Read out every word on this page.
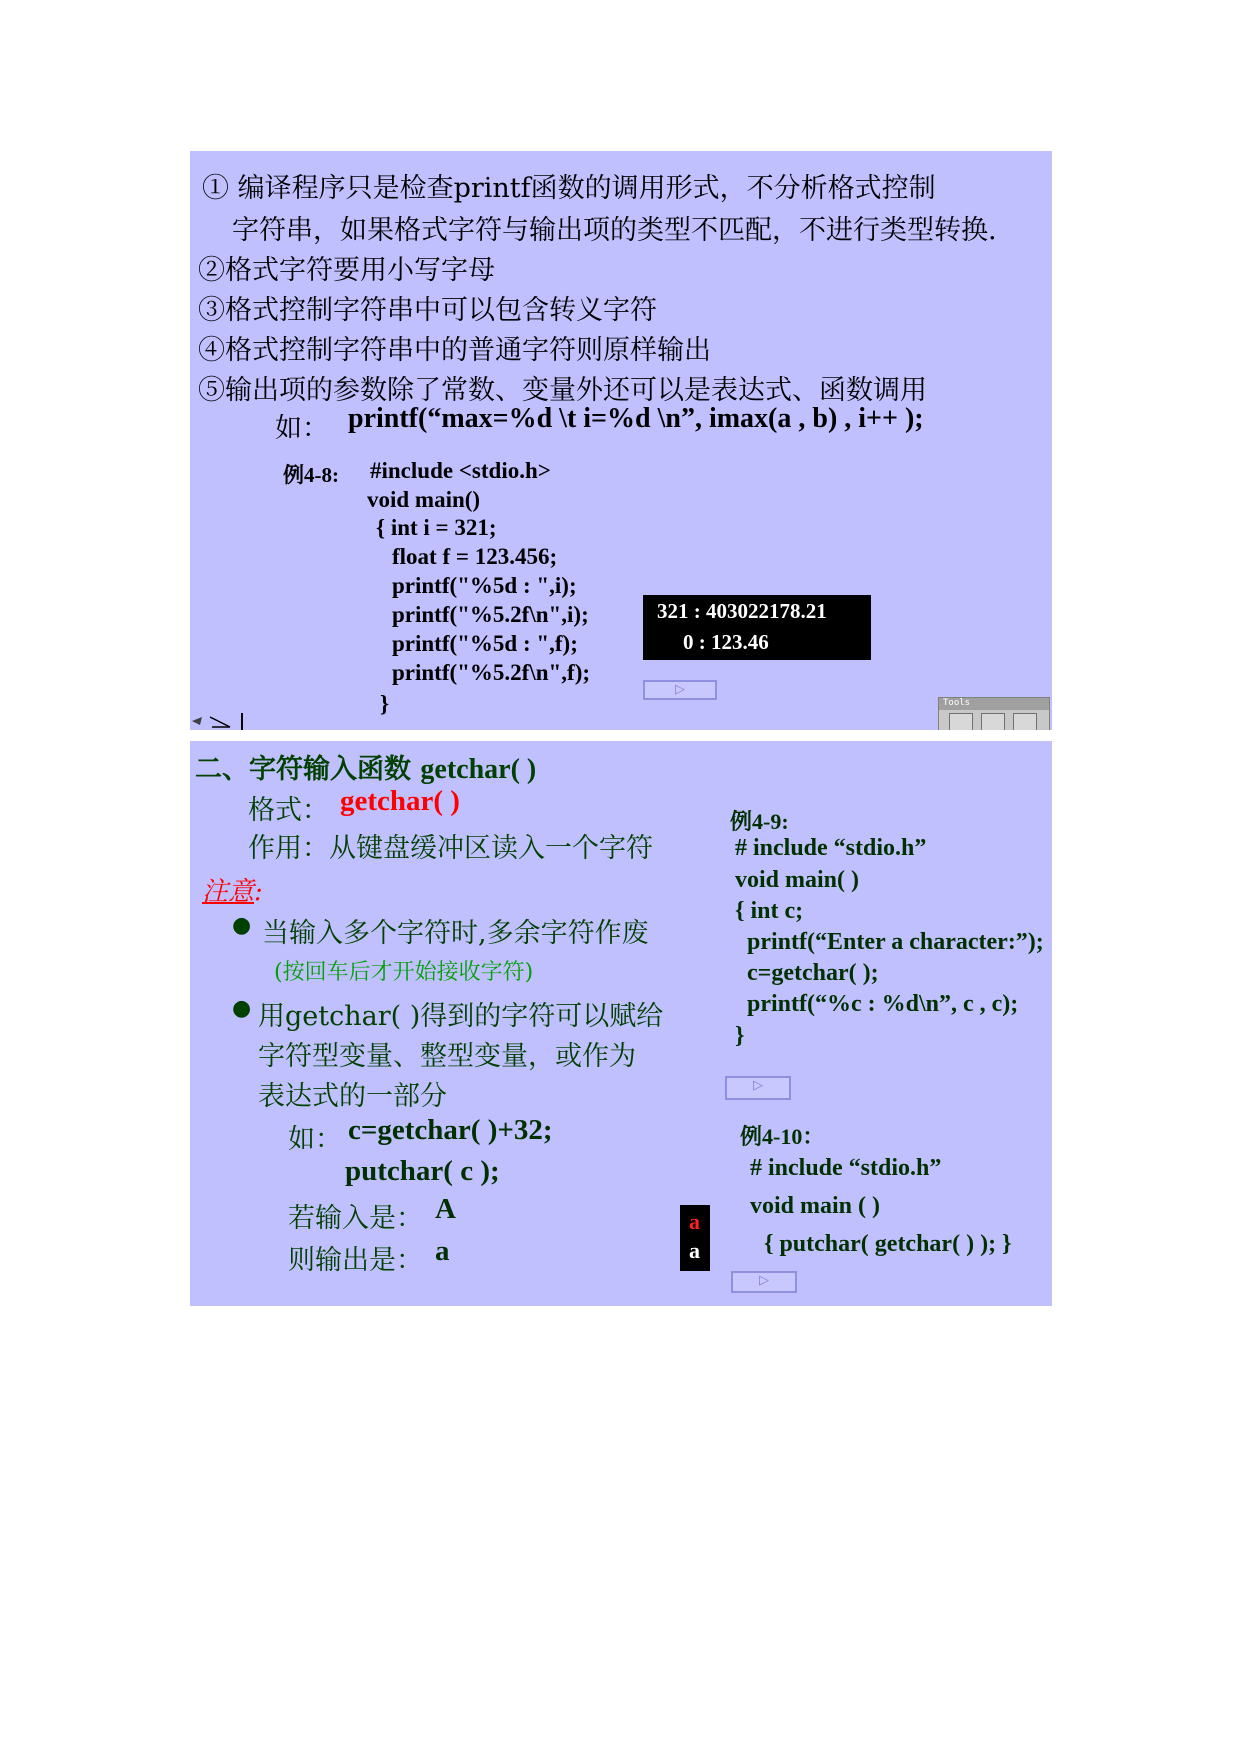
① 编译程序只是检查printf函数的调用形式，不分析格式控制
字符串，如果格式字符与输出项的类型不匹配，不进行类型转换.
②格式字符要用小写字母
③格式控制字符串中可以包含转义字符
④格式控制字符串中的普通字符则原样输出
⑤输出项的参数除了常数、变量外还可以是表达式、函数调用
如： printf(“max=%d \t i=%d \n”, imax(a , b) , i++ );
例4-8: #include <stdio.h>
void main()
{ int i = 321;
float f = 123.456;
printf("%5d : ",i);
printf("%5.2f\n",i);
printf("%5d : ",f);
printf("%5.2f\n",f);
}
321 : 403022178.21
0 : 123.46
▷
Tools
二、字符输入函数 getchar( )
格式： getchar( )
作用：从键盘缓冲区读入一个字符
注意:
● 当输入多个字符时,多余字符作废
(按回车后才开始接收字符)
● 用getchar( )得到的字符可以赋给
字符型变量、整型变量，或作为
表达式的一部分
如： c=getchar( )+32;
putchar( c );
若输入是： A
则输出是： a
a
a
例4-9:
# include “stdio.h”
void main( )
{ int c;
printf(“Enter a character:”);
c=getchar( );
printf(“%c : %d\n”, c , c);
}
▷
例4-10：
# include “stdio.h”
void main ( )
{ putchar( getchar( ) ); }
▷
